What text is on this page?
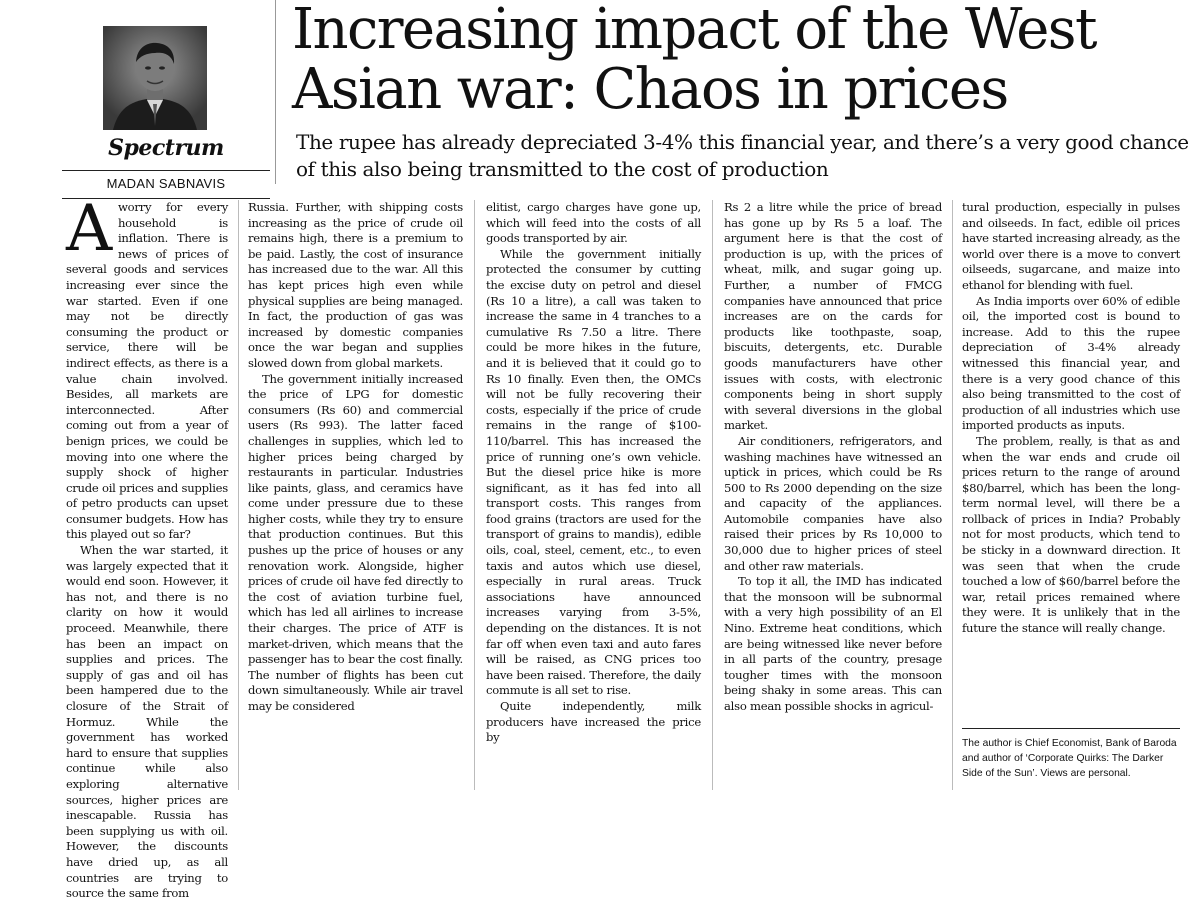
Spectrum
MADAN SABNAVIS
Increasing impact of the West
Asian war: Chaos in prices

The rupee has already depreciated 3-4% this financial year, and there’s a very good chance of this also being transmitted to the cost of production

Aworry for every household is inflation. There is news of prices of several goods and services increasing ever since the war started. Even if one may not be directly consuming the product or service, there will be indirect effects, as there is a value chain involved. Besides, all markets are interconnected. After coming out from a year of benign prices, we could be moving into one where the supply shock of higher crude oil prices and supplies of petro products can upset consumer budgets. How has this played out so far?

When the war started, it was largely expected that it would end soon. However, it has not, and there is no clarity on how it would proceed. Meanwhile, there has been an impact on supplies and prices. The supply of gas and oil has been hampered due to the closure of the Strait of Hormuz. While the government has worked hard to ensure that supplies continue while also exploring alternative sources, higher prices are inescapable. Russia has been supplying us with oil. However, the discounts have dried up, as all countries are trying to source the same from

Russia. Further, with shipping costs increasing as the price of crude oil remains high, there is a premium to be paid. Lastly, the cost of insurance has increased due to the war. All this has kept prices high even while physical supplies are being managed. In fact, the production of gas was increased by domestic companies once the war began and supplies slowed down from global markets.

The government initially increased the price of LPG for domestic consumers (Rs 60) and commercial users (Rs 993). The latter faced challenges in supplies, which led to higher prices being charged by restaurants in particular. Industries like paints, glass, and ceramics have come under pressure due to these higher costs, while they try to ensure that production continues. But this pushes up the price of houses or any renovation work. Alongside, higher prices of crude oil have fed directly to the cost of aviation turbine fuel, which has led all airlines to increase their charges. The price of ATF is market-driven, which means that the passenger has to bear the cost finally. The number of flights has been cut down simultaneously. While air travel may be considered

elitist, cargo charges have gone up, which will feed into the costs of all goods transported by air.

While the government initially protected the consumer by cutting the excise duty on petrol and diesel (Rs 10 a litre), a call was taken to increase the same in 4 tranches to a cumulative Rs 7.50 a litre. There could be more hikes in the future, and it is believed that it could go to Rs 10 finally. Even then, the OMCs will not be fully recovering their costs, especially if the price of crude remains in the range of $100-110/barrel. This has increased the price of running one’s own vehicle. But the diesel price hike is more significant, as it has fed into all transport costs. This ranges from food grains (tractors are used for the transport of grains to mandis), edible oils, coal, steel, cement, etc., to even taxis and autos which use diesel, especially in rural areas. Truck associations have announced increases varying from 3-5%, depending on the distances. It is not far off when even taxi and auto fares will be raised, as CNG prices too have been raised. Therefore, the daily commute is all set to rise.

Quite independently, milk producers have increased the price by

Rs 2 a litre while the price of bread has gone up by Rs 5 a loaf. The argument here is that the cost of production is up, with the prices of wheat, milk, and sugar going up. Further, a number of FMCG companies have announced that price increases are on the cards for products like toothpaste, soap, biscuits, detergents, etc. Durable goods manufacturers have other issues with costs, with electronic components being in short supply with several diversions in the global market.

Air conditioners, refrigerators, and washing machines have witnessed an uptick in prices, which could be Rs 500 to Rs 2000 depending on the size and capacity of the appliances. Automobile companies have also raised their prices by Rs 10,000 to 30,000 due to higher prices of steel and other raw materials.

To top it all, the IMD has indicated that the monsoon will be subnormal with a very high possibility of an El Nino. Extreme heat conditions, which are being witnessed like never before in all parts of the country, presage tougher times with the monsoon being shaky in some areas. This can also mean possible shocks in agricul-

tural production, especially in pulses and oilseeds. In fact, edible oil prices have started increasing already, as the world over there is a move to convert oilseeds, sugarcane, and maize into ethanol for blending with fuel.

As India imports over 60% of edible oil, the imported cost is bound to increase. Add to this the rupee depreciation of 3-4% already witnessed this financial year, and there is a very good chance of this also being transmitted to the cost of production of all industries which use imported products as inputs.

The problem, really, is that as and when the war ends and crude oil prices return to the range of around $80/barrel, which has been the long-term normal level, will there be a rollback of prices in India? Probably not for most products, which tend to be sticky in a downward direction. It was seen that when the crude touched a low of $60/barrel before the war, retail prices remained where they were. It is unlikely that in the future the stance will really change.

The author is Chief Economist, Bank of Baroda and author of ‘Corporate Quirks: The Darker Side of the Sun’. Views are personal.
